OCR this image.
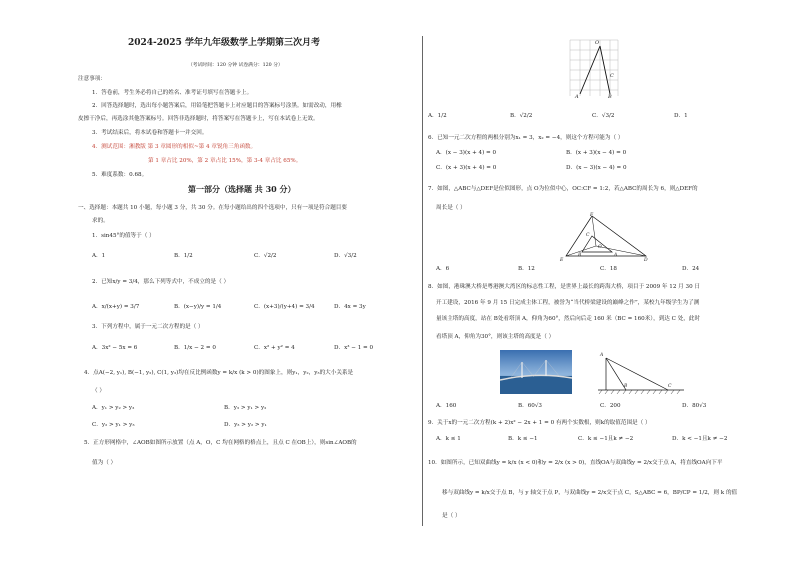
2024-2025 学年九年级数学上学期第三次月考
（考试时间：120 分钟 试卷满分：120 分）
注意事项：
1．答卷前，考生务必将自己的姓名、准考证号填写在答题卡上。
2．回答选择题时，选出每小题答案后，用铅笔把答题卡上对应题目的答案标号涂黑。如需改动，用橡
皮擦干净后，再选涂其他答案标号。回答非选择题时，将答案写在答题卡上，写在本试卷上无效。
3．考试结束后，将本试卷和答题卡一并交回。
4．测试范围：湘教版 第 3 章圆形的相似~第 4 章锐角三角函数。
第 1 章占比 20%，第 2 章占比 15%，第 3-4 章占比 65%。
5．难度系数：0.68。
第一部分（选择题 共 30 分）
一、选择题：本题共 10 小题，每小题 3 分，共 30 分。在每小题给出的四个选项中，只有一项是符合题目要
求的。
1．sin45°的值等于（ ）
A．1	B．1/2	C．√2/2	D．√3/2
2．已知x/y = 3/4，那么下列等式中，不成立的是（ ）
A．x/(x+y) = 3/7	B．(x−y)/y = 1/4	C．(x+3)/(y+4) = 3/4	D．4x = 3y
3．下列方程中，属于一元二次方程的是（ ）
A．3x² − 5x = 6	B．1/x − 2 = 0	C．x² + y² = 4	D．x³ − 1 = 0
4．点A(−2, y₁), B(−1, y₂), C(1, y₃)均在反比例函数y = k/x (k > 0)的图象上，则y₁，y₂，y₃的大小关系是
（ ）
A．y₁ > y₂ > y₃	B．y₃ > y₁ > y₂
C．y₂ > y₁ > y₃	D．y₃ > y₂ > y₁
5．正方形网格中，∠AOB如图所示放置（点 A，O，C 均在网格的格点上，且点 C 在OB上），则sin∠AOB的
值为（ ）
O
A	B
C
A．1/2	B．√2/2	C．√3/2	D．1
6．已知一元二次方程的两根分别为x₁ = 3，x₂ = −4，则这个方程可能为（ ）
A．(x − 3)(x + 4) = 0	B．(x + 3)(x − 4) = 0
C．(x + 3)(x + 4) = 0	D．(x − 3)(x − 4) = 0
7．如图，△ABC与△DEF是位似图形，点 O为位似中心，OC:CF = 1:2，若△ABC的周长为 6，则△DEF的
周长是（ ）
F
E	D
O
C
B	A
A．6	B．12	C．18	D．24
8．如图，港珠澳大桥是粤港澳大湾区的标志性工程，是世界上最长的跨海大桥，项目于 2009 年 12 月 30 日
开工建设，2016 年 9 月 15 日完成主体工程，被誉为“当代桥梁建设的巅峰之作”，某校九年级学生为了测
量该主塔的高度，站在 B处看塔顶 A，仰角为60°，然后向后走 160 米（BC = 160米），到达 C 处，此时
看塔顶 A，仰角为30°，则该主塔的高度是（ ）
A
B	C
A．160	B．60√3	C．200	D．80√3
9．关于x的一元二次方程(k + 2)x² − 2x + 1 = 0 有两个实数根，则k的取值范围是（ ）
A．k ≤ 1	B．k ≤ −1	C．k ≤ −1且k ≠ −2	D．k < −1且k ≠ −2
10．如图所示，已知双曲线y = k/x (x < 0)和y = 2/x (x > 0)，直线OA与双曲线y = 2/x交于点 A，将直线OA向下平
移与双曲线y = k/x交于点 B，与 y 轴交于点 P，与双曲线y = 2/x交于点 C，S△ABC = 6，BP/CP = 1/2，则 k 的值
是（ ）
